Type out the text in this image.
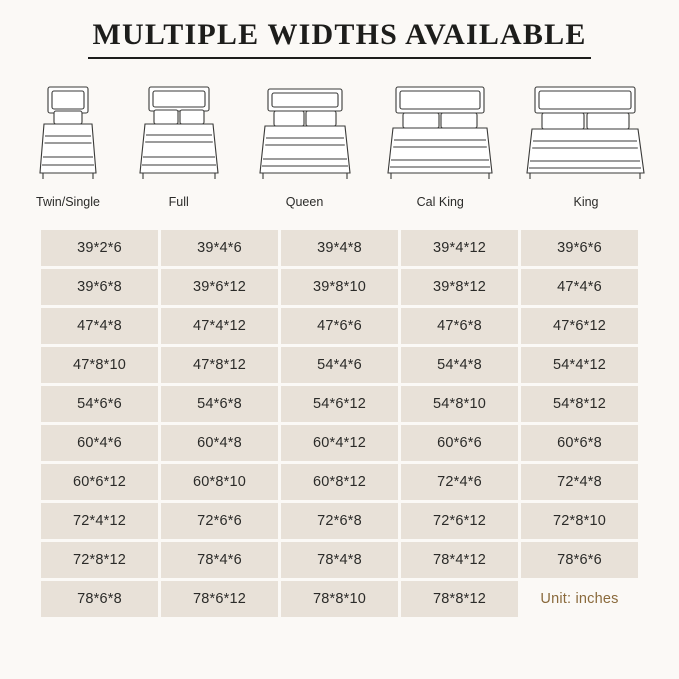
MULTIPLE WIDTHS AVAILABLE
Twin/Single	Full	Queen	Cal King	King
39*2*6	39*4*6	39*4*8	39*4*12	39*6*6
39*6*8	39*6*12	39*8*10	39*8*12	47*4*6
47*4*8	47*4*12	47*6*6	47*6*8	47*6*12
47*8*10	47*8*12	54*4*6	54*4*8	54*4*12
54*6*6	54*6*8	54*6*12	54*8*10	54*8*12
60*4*6	60*4*8	60*4*12	60*6*6	60*6*8
60*6*12	60*8*10	60*8*12	72*4*6	72*4*8
72*4*12	72*6*6	72*6*8	72*6*12	72*8*10
72*8*12	78*4*6	78*4*8	78*4*12	78*6*6
78*6*8	78*6*12	78*8*10	78*8*12	Unit: inches
